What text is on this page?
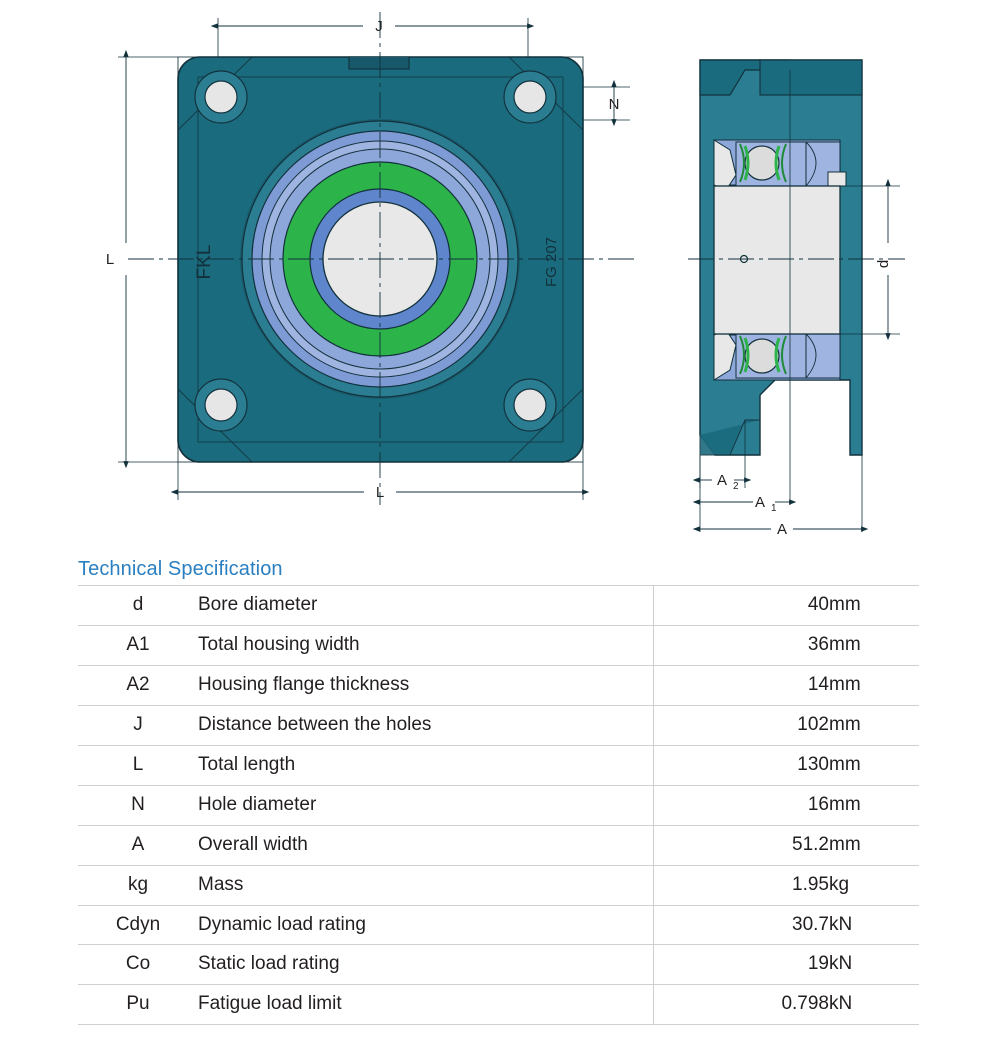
J
L
L
N
FKL	FG 207	d
A 2
A 1
A
Technical Specification
d	Bore diameter	40	mm
A1	Total housing width	36	mm
A2	Housing flange thickness	14	mm
J	Distance between the holes	102	mm
L	Total length	130	mm
N	Hole diameter	16	mm
A	Overall width	51.2	mm
kg	Mass	1.95	kg
Cdyn	Dynamic load rating	30.7	kN
Co	Static load rating	19	kN
Pu	Fatigue load limit	0.798	kN
